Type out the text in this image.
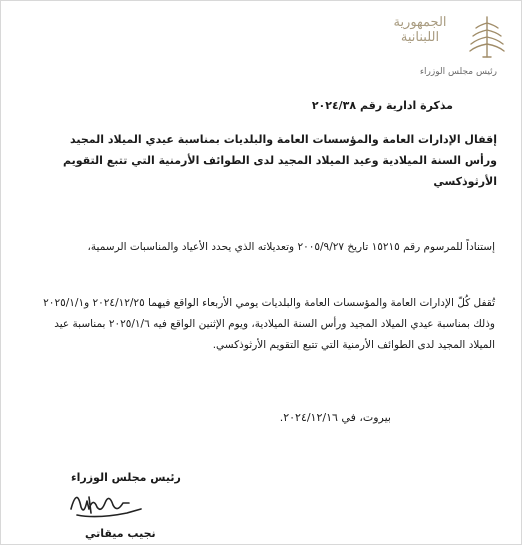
الجمهورية
اللبنانية
رئيس مجلس الوزراء
مذكرة ادارية رقم ٢٠٢٤/٣٨
إقفال الإدارات العامة والمؤسسات العامة والبلديات بمناسبة عيدي الميلاد المجيد
ورأس السنة الميلادية وعيد الميلاد المجيد لدى الطوائف الأرمنية التي تتبع التقويم الأرثوذكسي
إستناداً للمرسوم رقم ١٥٢١٥ تاريخ ٢٠٠٥/٩/٢٧ وتعديلاته الذي يحدد الأعياد والمناسبات الرسمية،
تُقفل كُلّ الإدارات العامة والمؤسسات العامة والبلديات يومي الأربعاء الواقع فيهما ٢٠٢٤/١٢/٢٥ و٢٠٢٥/١/١ وذلك بمناسبة عيدي الميلاد المجيد ورأس السنة الميلادية، ويوم الإثنين الواقع فيه ٢٠٢٥/١/٦ بمناسبة عيد الميلاد المجيد لدى الطوائف الأرمنية التي تتبع التقويم الأرثوذكسي.
بيروت، في ٢٠٢٤/١٢/١٦.
رئيس مجلس الوزراء
نجيب ميقاتي
